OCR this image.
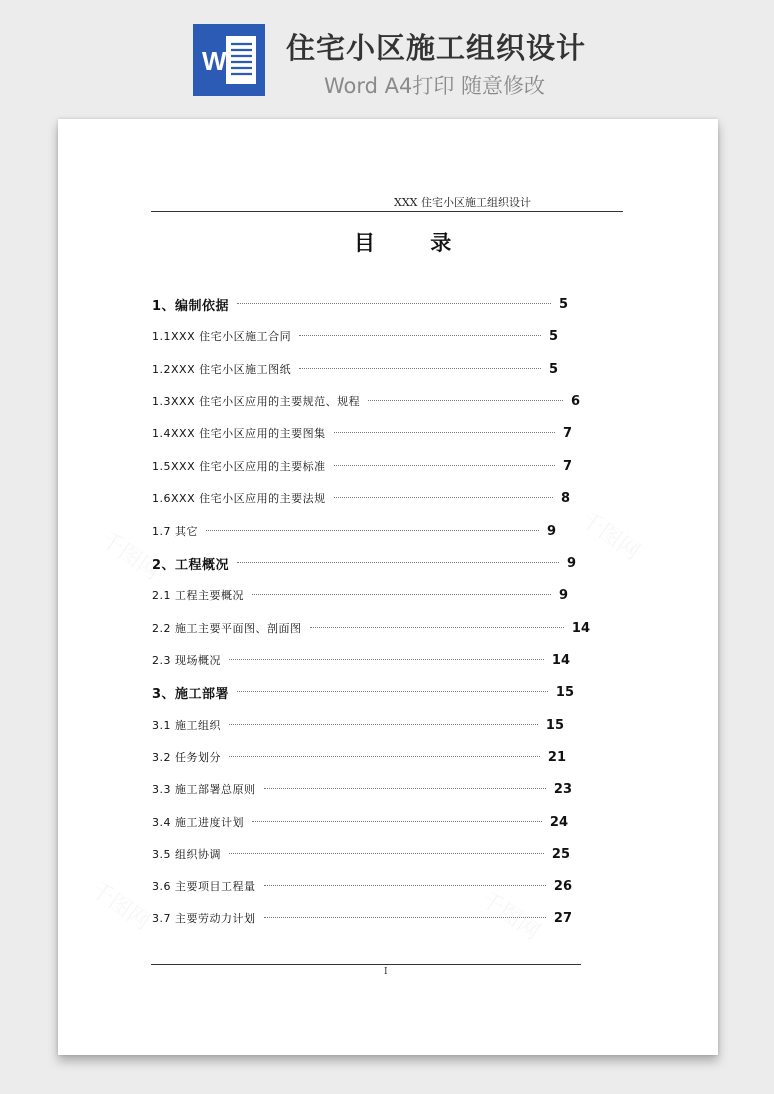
W 住宅小区施工组织设计
Word A4打印 随意修改
XXX 住宅小区施工组织设计
目 录
1、编制依据	5
1.1XXX 住宅小区施工合同	5
1.2XXX 住宅小区施工图纸	5
1.3XXX 住宅小区应用的主要规范、规程	6
1.4XXX 住宅小区应用的主要图集	7
1.5XXX 住宅小区应用的主要标准	7
1.6XXX 住宅小区应用的主要法规	8
1.7 其它	9
2、工程概况	9
2.1 工程主要概况	9
2.2 施工主要平面图、剖面图	14
2.3 现场概况	14
3、施工部署	15
3.1 施工组织	15
3.2 任务划分	21
3.3 施工部署总原则	23
3.4 施工进度计划	24
3.5 组织协调	25
3.6 主要项目工程量	26
3.7 主要劳动力计划	27
I
